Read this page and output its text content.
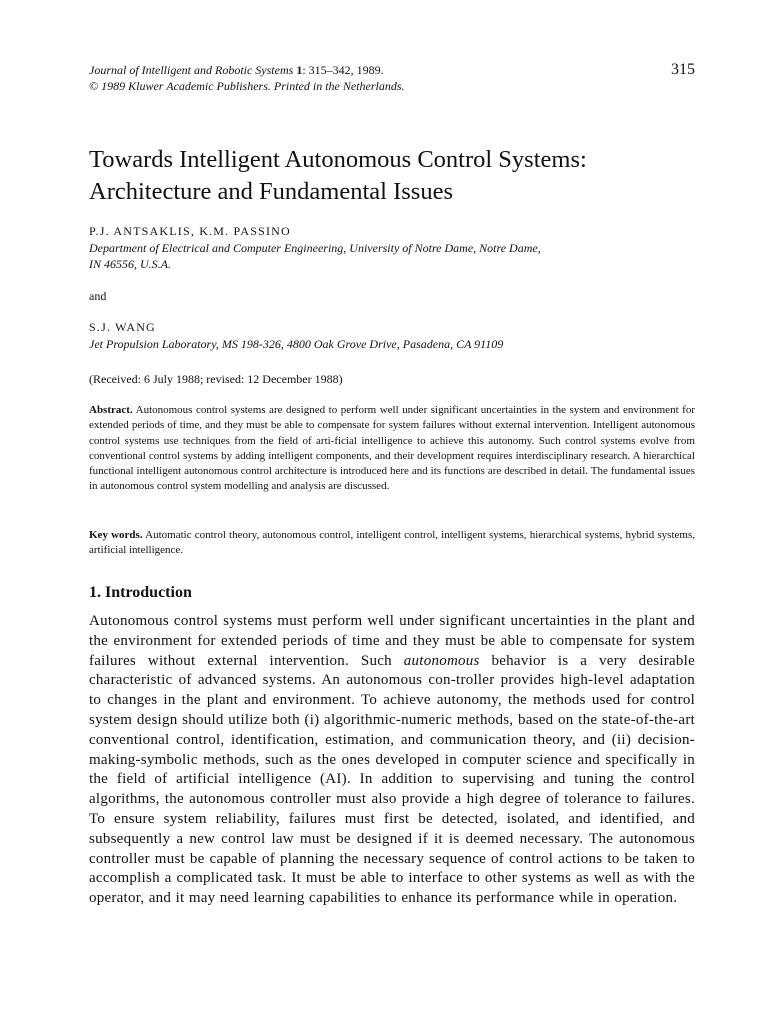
Journal of Intelligent and Robotic Systems 1: 315–342, 1989.
© 1989 Kluwer Academic Publishers. Printed in the Netherlands.
315
Towards Intelligent Autonomous Control Systems:
Architecture and Fundamental Issues
P.J. ANTSAKLIS, K.M. PASSINO
Department of Electrical and Computer Engineering, University of Notre Dame, Notre Dame,
IN 46556, U.S.A.
and
S.J. WANG
Jet Propulsion Laboratory, MS 198-326, 4800 Oak Grove Drive, Pasadena, CA 91109
(Received: 6 July 1988; revised: 12 December 1988)

Abstract. Autonomous control systems are designed to perform well under significant uncertainties in the system and environment for extended periods of time, and they must be able to compensate for system failures without external intervention. Intelligent autonomous control systems use techniques from the field of arti-ficial intelligence to achieve this autonomy. Such control systems evolve from conventional control systems by adding intelligent components, and their development requires interdisciplinary research. A hierarchical functional intelligent autonomous control architecture is introduced here and its functions are described in detail. The fundamental issues in autonomous control system modelling and analysis are discussed.

Key words. Automatic control theory, autonomous control, intelligent control, intelligent systems, hierarchical systems, hybrid systems, artificial intelligence.

1. Introduction

Autonomous control systems must perform well under significant uncertainties in the plant and the environment for extended periods of time and they must be able to compensate for system failures without external intervention. Such autonomous behavior is a very desirable characteristic of advanced systems. An autonomous con-troller provides high-level adaptation to changes in the plant and environment. To achieve autonomy, the methods used for control system design should utilize both (i) algorithmic-numeric methods, based on the state-of-the-art conventional control, identification, estimation, and communication theory, and (ii) decision-making-symbolic methods, such as the ones developed in computer science and specifically in the field of artificial intelligence (AI). In addition to supervising and tuning the control algorithms, the autonomous controller must also provide a high degree of tolerance to failures. To ensure system reliability, failures must first be detected, isolated, and identified, and subsequently a new control law must be designed if it is deemed necessary. The autonomous controller must be capable of planning the necessary sequence of control actions to be taken to accomplish a complicated task. It must be able to interface to other systems as well as with the operator, and it may need learning capabilities to enhance its performance while in operation.
